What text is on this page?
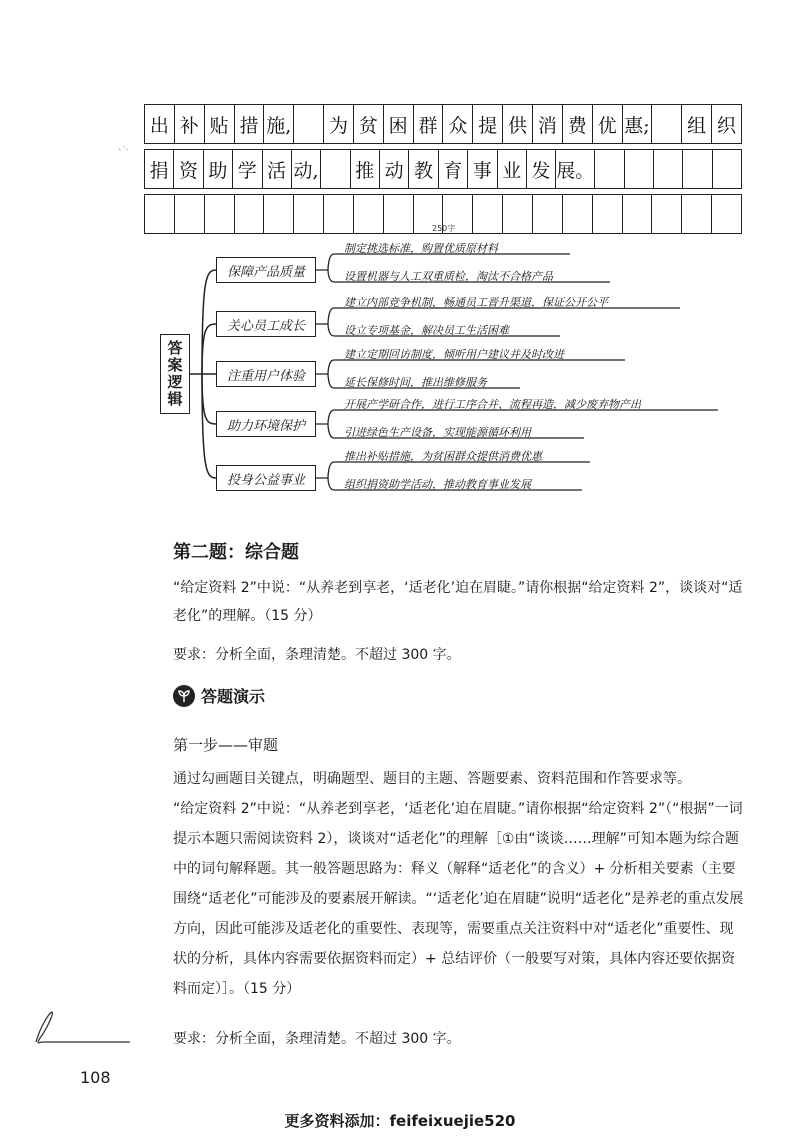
出 补 贴 措 施, 为 贫 困 群 众 提 供 消 费 优 惠; 组 织
捐 资 助 学 活 动, 推 动 教 育 事 业 发 展。
250字
、·.
答案逻辑
保障产品质量
制定挑选标准，购置优质原材料
设置机器与人工双重质检，淘汰不合格产品
关心员工成长
建立内部竞争机制，畅通员工晋升渠道，保证公开公平
设立专项基金，解决员工生活困难
注重用户体验
建立定期回访制度，倾听用户建议并及时改进
延长保修时间，推出维修服务
助力环境保护
开展产学研合作，进行工序合并、流程再造，减少废弃物产出
引进绿色生产设备，实现能源循环利用
投身公益事业
推出补贴措施，为贫困群众提供消费优惠
组织捐资助学活动，推动教育事业发展
第二题：综合题
“给定资料 2”中说：“从养老到享老，‘适老化’迫在眉睫。”请你根据“给定资料 2”，谈谈对“适老化”的理解。（15 分）
要求：分析全面，条理清楚。不超过 300 字。
答题演示
第一步——审题
通过勾画题目关键点，明确题型、题目的主题、答题要素、资料范围和作答要求等。
“给定资料 2”中说：“从养老到享老，‘适老化’迫在眉睫。”请你根据“给定资料 2”（“根据”一词提示本题只需阅读资料 2），谈谈对“适老化”的理解［①由“谈谈……理解”可知本题为综合题中的词句解释题。其一般答题思路为：释义（解释“适老化”的含义）+ 分析相关要素（主要围绕“适老化”可能涉及的要素展开解读。“‘适老化’迫在眉睫”说明“适老化”是养老的重点发展方向，因此可能涉及适老化的重要性、表现等，需要重点关注资料中对“适老化”重要性、现状的分析，具体内容需要依据资料而定）+ 总结评价（一般要写对策，具体内容还要依据资料而定）］。（15 分）
要求：分析全面，条理清楚。不超过 300 字。
108
更多资料添加：feifeixuejie520
